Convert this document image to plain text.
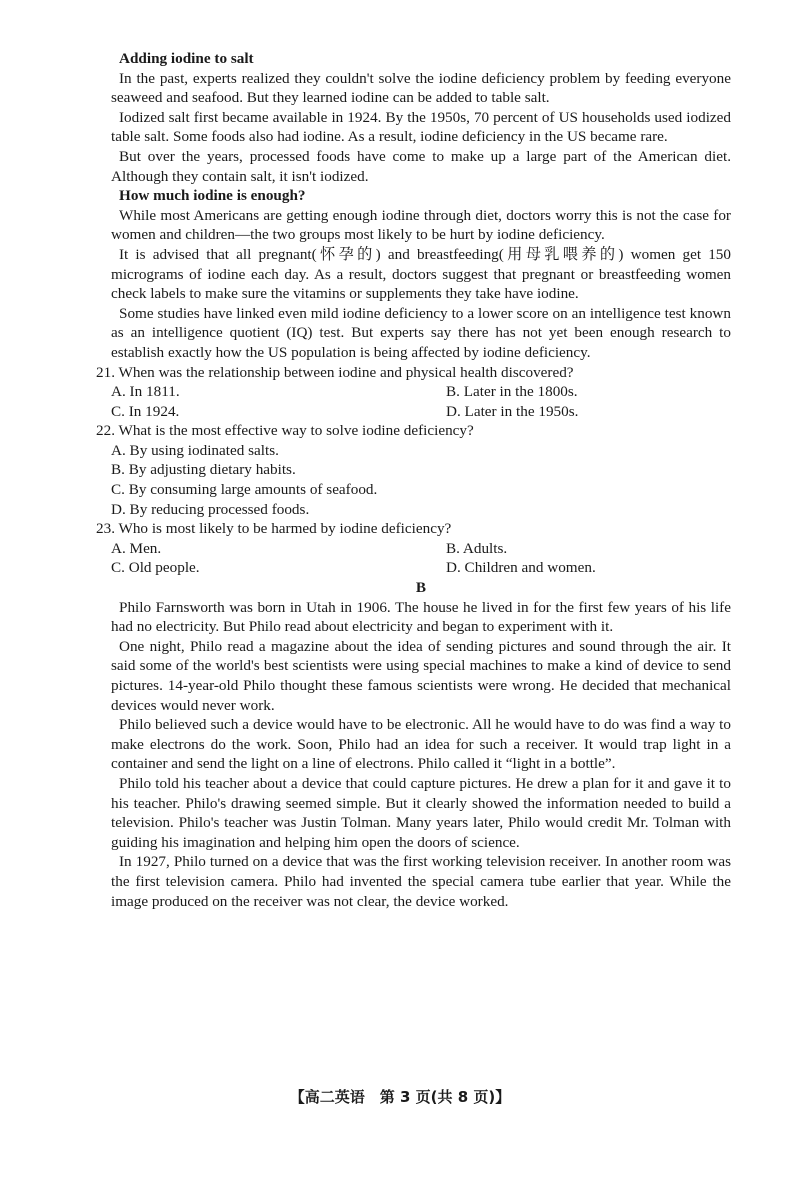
Adding iodine to salt

In the past, experts realized they couldn't solve the iodine deficiency problem by feeding everyone seaweed and seafood. But they learned iodine can be added to table salt.

Iodized salt first became available in 1924. By the 1950s, 70 percent of US households used iodized table salt. Some foods also had iodine. As a result, iodine deficiency in the US became rare.

But over the years, processed foods have come to make up a large part of the American diet. Although they contain salt, it isn't iodized.

How much iodine is enough?

While most Americans are getting enough iodine through diet, doctors worry this is not the case for women and children—the two groups most likely to be hurt by iodine deficiency.

It is advised that all pregnant(怀孕的) and breastfeeding(用母乳喂养的) women get 150 micrograms of iodine each day. As a result, doctors suggest that pregnant or breastfeeding women check labels to make sure the vitamins or supplements they take have iodine.

Some studies have linked even mild iodine deficiency to a lower score on an intelligence test known as an intelligence quotient (IQ) test. But experts say there has not yet been enough research to establish exactly how the US population is being affected by iodine deficiency.

21. When was the relationship between iodine and physical health discovered?
A. In 1811.	B. Later in the 1800s.
C. In 1924.	D. Later in the 1950s.
22. What is the most effective way to solve iodine deficiency?
A. By using iodinated salts.
B. By adjusting dietary habits.
C. By consuming large amounts of seafood.
D. By reducing processed foods.
23. Who is most likely to be harmed by iodine deficiency?
A. Men.	B. Adults.
C. Old people.	D. Children and women.
B

Philo Farnsworth was born in Utah in 1906. The house he lived in for the first few years of his life had no electricity. But Philo read about electricity and began to experiment with it.

One night, Philo read a magazine about the idea of sending pictures and sound through the air. It said some of the world's best scientists were using special machines to make a kind of device to send pictures. 14-year-old Philo thought these famous scientists were wrong. He decided that mechanical devices would never work.

Philo believed such a device would have to be electronic. All he would have to do was find a way to make electrons do the work. Soon, Philo had an idea for such a receiver. It would trap light in a container and send the light on a line of electrons. Philo called it “light in a bottle”.

Philo told his teacher about a device that could capture pictures. He drew a plan for it and gave it to his teacher. Philo's drawing seemed simple. But it clearly showed the information needed to build a television. Philo's teacher was Justin Tolman. Many years later, Philo would credit Mr. Tolman with guiding his imagination and helping him open the doors of science.

In 1927, Philo turned on a device that was the first working television receiver. In another room was the first television camera. Philo had invented the special camera tube earlier that year. While the image produced on the receiver was not clear, the device worked.

【高二英语　第 3 页(共 8 页)】
